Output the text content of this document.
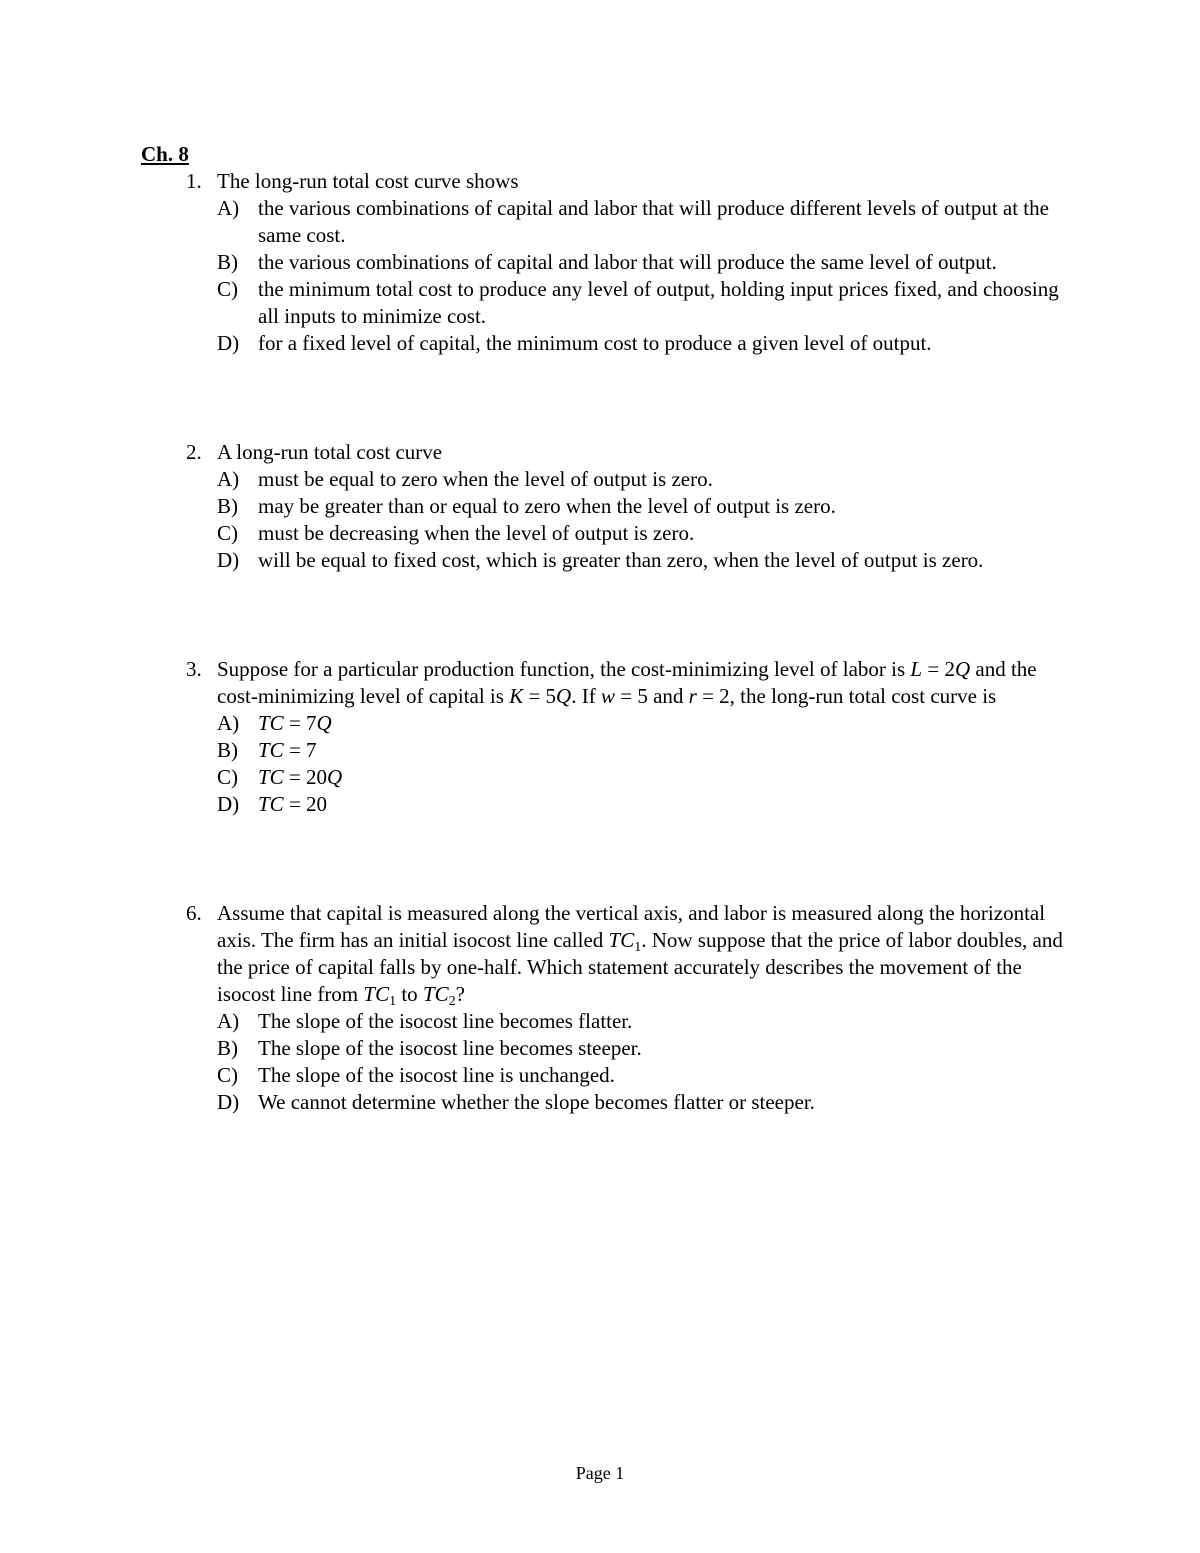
Ch. 8
1. The long-run total cost curve shows
A) the various combinations of capital and labor that will produce different levels of output at the same cost.
B) the various combinations of capital and labor that will produce the same level of output.
C) the minimum total cost to produce any level of output, holding input prices fixed, and choosing all inputs to minimize cost.
D) for a fixed level of capital, the minimum cost to produce a given level of output.
2. A long-run total cost curve
A) must be equal to zero when the level of output is zero.
B) may be greater than or equal to zero when the level of output is zero.
C) must be decreasing when the level of output is zero.
D) will be equal to fixed cost, which is greater than zero, when the level of output is zero.
3. Suppose for a particular production function, the cost-minimizing level of labor is L = 2Q and the cost-minimizing level of capital is K = 5Q. If w = 5 and r = 2, the long-run total cost curve is
A) TC = 7Q
B) TC = 7
C) TC = 20Q
D) TC = 20
6. Assume that capital is measured along the vertical axis, and labor is measured along the horizontal axis. The firm has an initial isocost line called $TC_1$. Now suppose that the price of labor doubles, and the price of capital falls by one-half. Which statement accurately describes the movement of the isocost line from $TC_1$ to $TC_2$?
A) The slope of the isocost line becomes flatter.
B) The slope of the isocost line becomes steeper.
C) The slope of the isocost line is unchanged.
D) We cannot determine whether the slope becomes flatter or steeper.
Page 1
